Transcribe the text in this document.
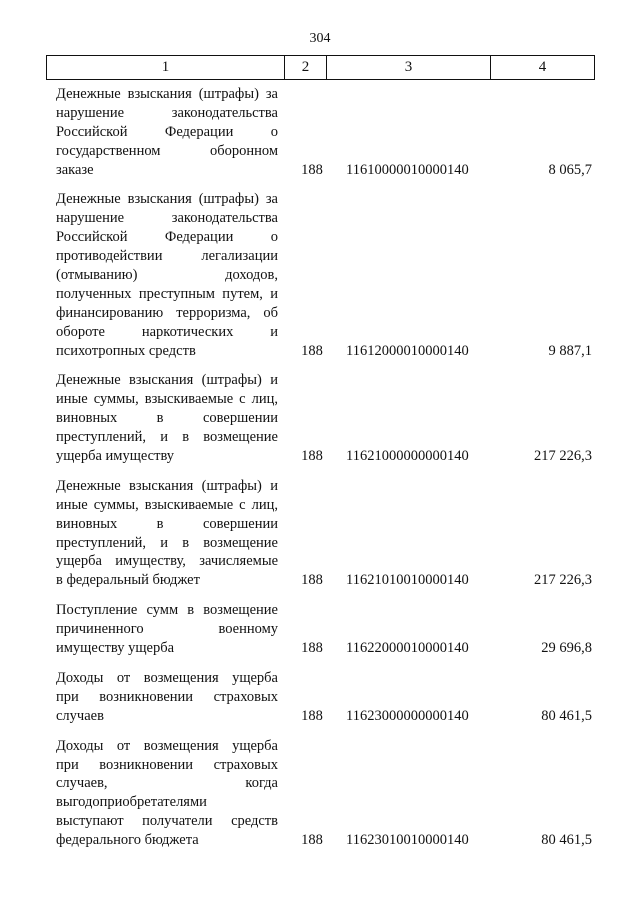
304
1	2	3	4
Денежные взыскания (штрафы) за
нарушение законодательства
Российской Федерации о
государственном оборонном
заказе	188 11610000010000140	8 065,7
Денежные взыскания (штрафы) за
нарушение законодательства
Российской Федерации о
противодействии легализации
(отмыванию) доходов,
полученных преступным путем, и
финансированию терроризма, об
обороте наркотических и
психотропных средств	188 11612000010000140	9 887,1
Денежные взыскания (штрафы) и
иные суммы, взыскиваемые с лиц,
виновных в совершении
преступлений, и в возмещение
ущерба имуществу	188 11621000000000140	217 226,3
Денежные взыскания (штрафы) и
иные суммы, взыскиваемые с лиц,
виновных в совершении
преступлений, и в возмещение
ущерба имуществу, зачисляемые
в федеральный бюджет	188 11621010010000140	217 226,3
Поступление сумм в возмещение
причиненного военному
имуществу ущерба	188 11622000010000140	29 696,8
Доходы от возмещения ущерба
при возникновении страховых
случаев	188 11623000000000140	80 461,5
Доходы от возмещения ущерба
при возникновении страховых
случаев, когда
выгодоприобретателями
выступают получатели средств
федерального бюджета	188 11623010010000140	80 461,5
